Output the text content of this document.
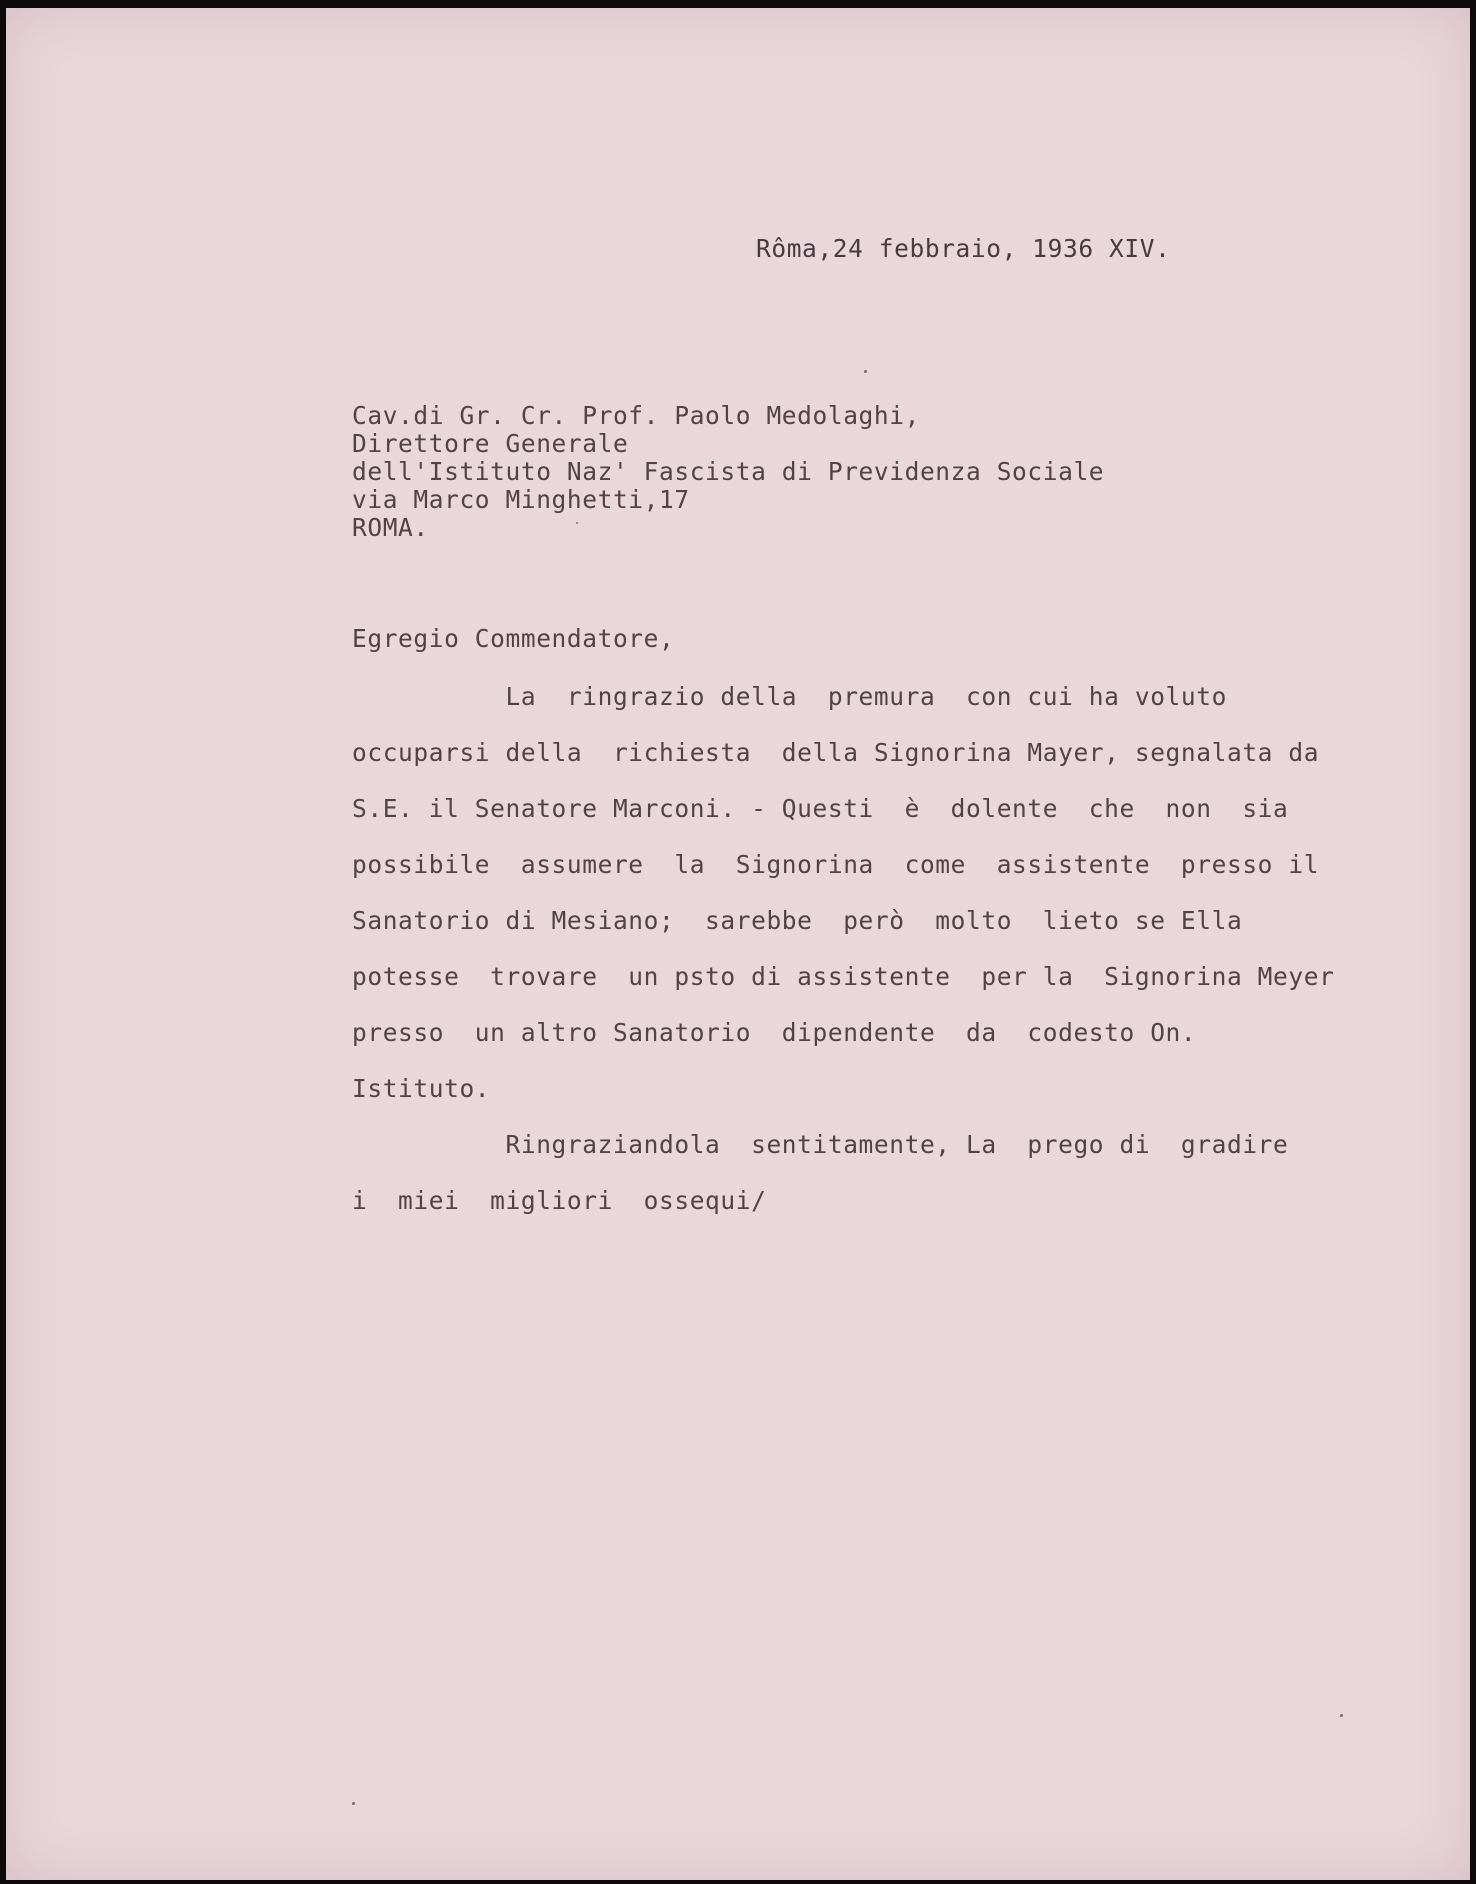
Rôma,24 febbraio, 1936 XIV.

Cav.di Gr. Cr. Prof. Paolo Medolaghi,
Direttore Generale
dell'Istituto Naz' Fascista di Previdenza Sociale
via Marco Minghetti,17
ROMA.

Egregio Commendatore,

La  ringrazio della  premura  con cui ha voluto

occuparsi della  richiesta  della Signorina Mayer, segnalata da

S.E. il Senatore Marconi. - Questi  è  dolente  che  non  sia

possibile  assumere  la  Signorina  come  assistente  presso il

Sanatorio di Mesiano;  sarebbe  però  molto  lieto se Ella

potesse  trovare  un psto di assistente  per la  Signorina Meyer

presso  un altro Sanatorio  dipendente  da  codesto On.

Istituto.

Ringraziandola  sentitamente, La  prego di  gradire

i  miei  migliori  ossequi/
